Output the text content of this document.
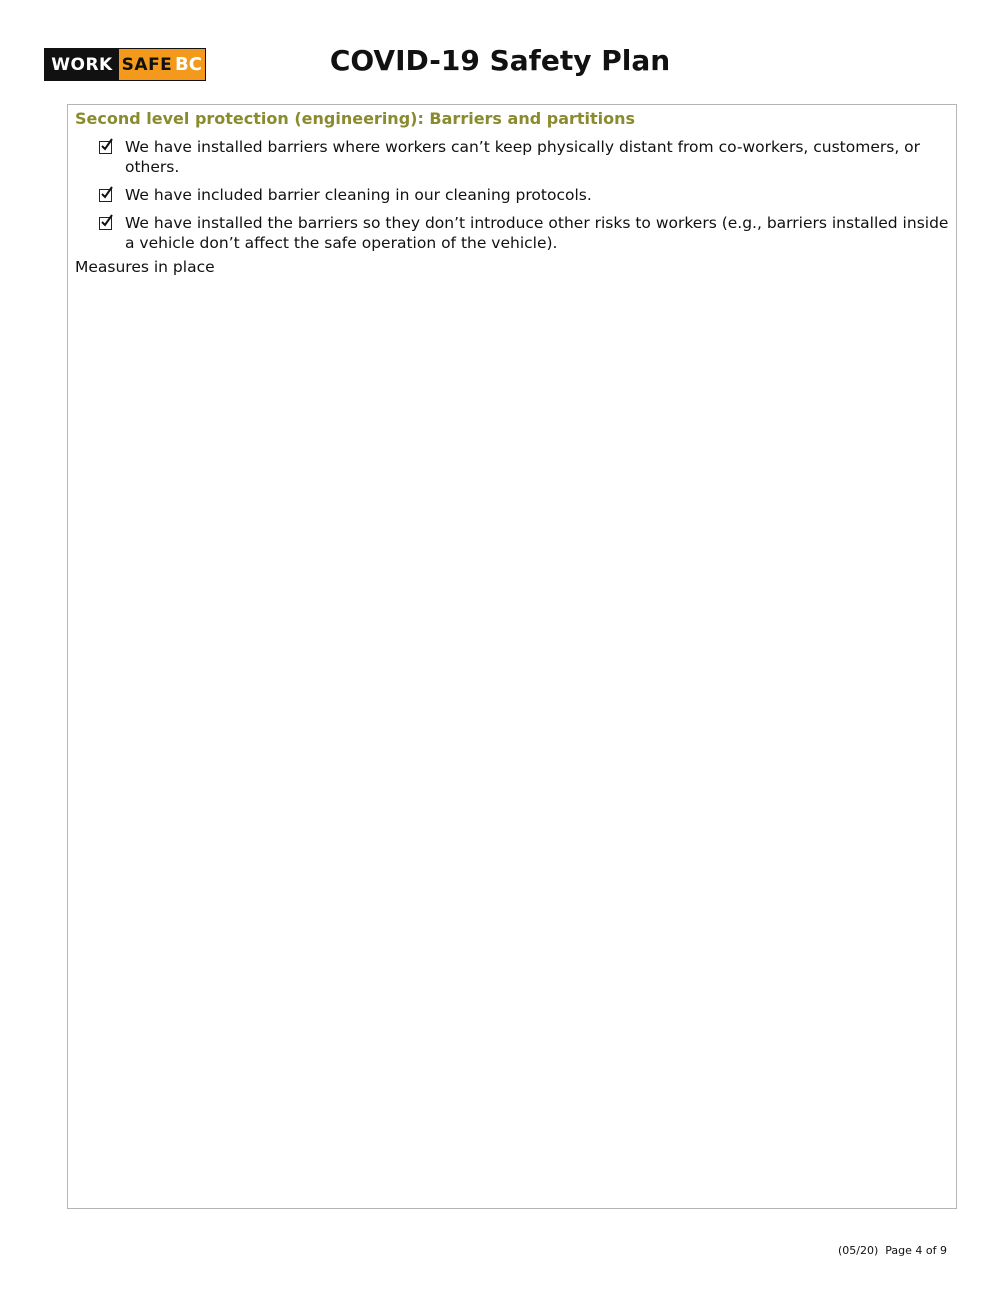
WORK SAFE BC	COVID-19 Safety Plan
Second level protection (engineering): Barriers and partitions
We have installed barriers where workers can’t keep physically distant from co-workers, customers, or others.
We have included barrier cleaning in our cleaning protocols.
We have installed the barriers so they don’t introduce other risks to workers (e.g., barriers installed inside a vehicle don’t affect the safe operation of the vehicle).
Measures in place
(05/20) Page 4 of 9
